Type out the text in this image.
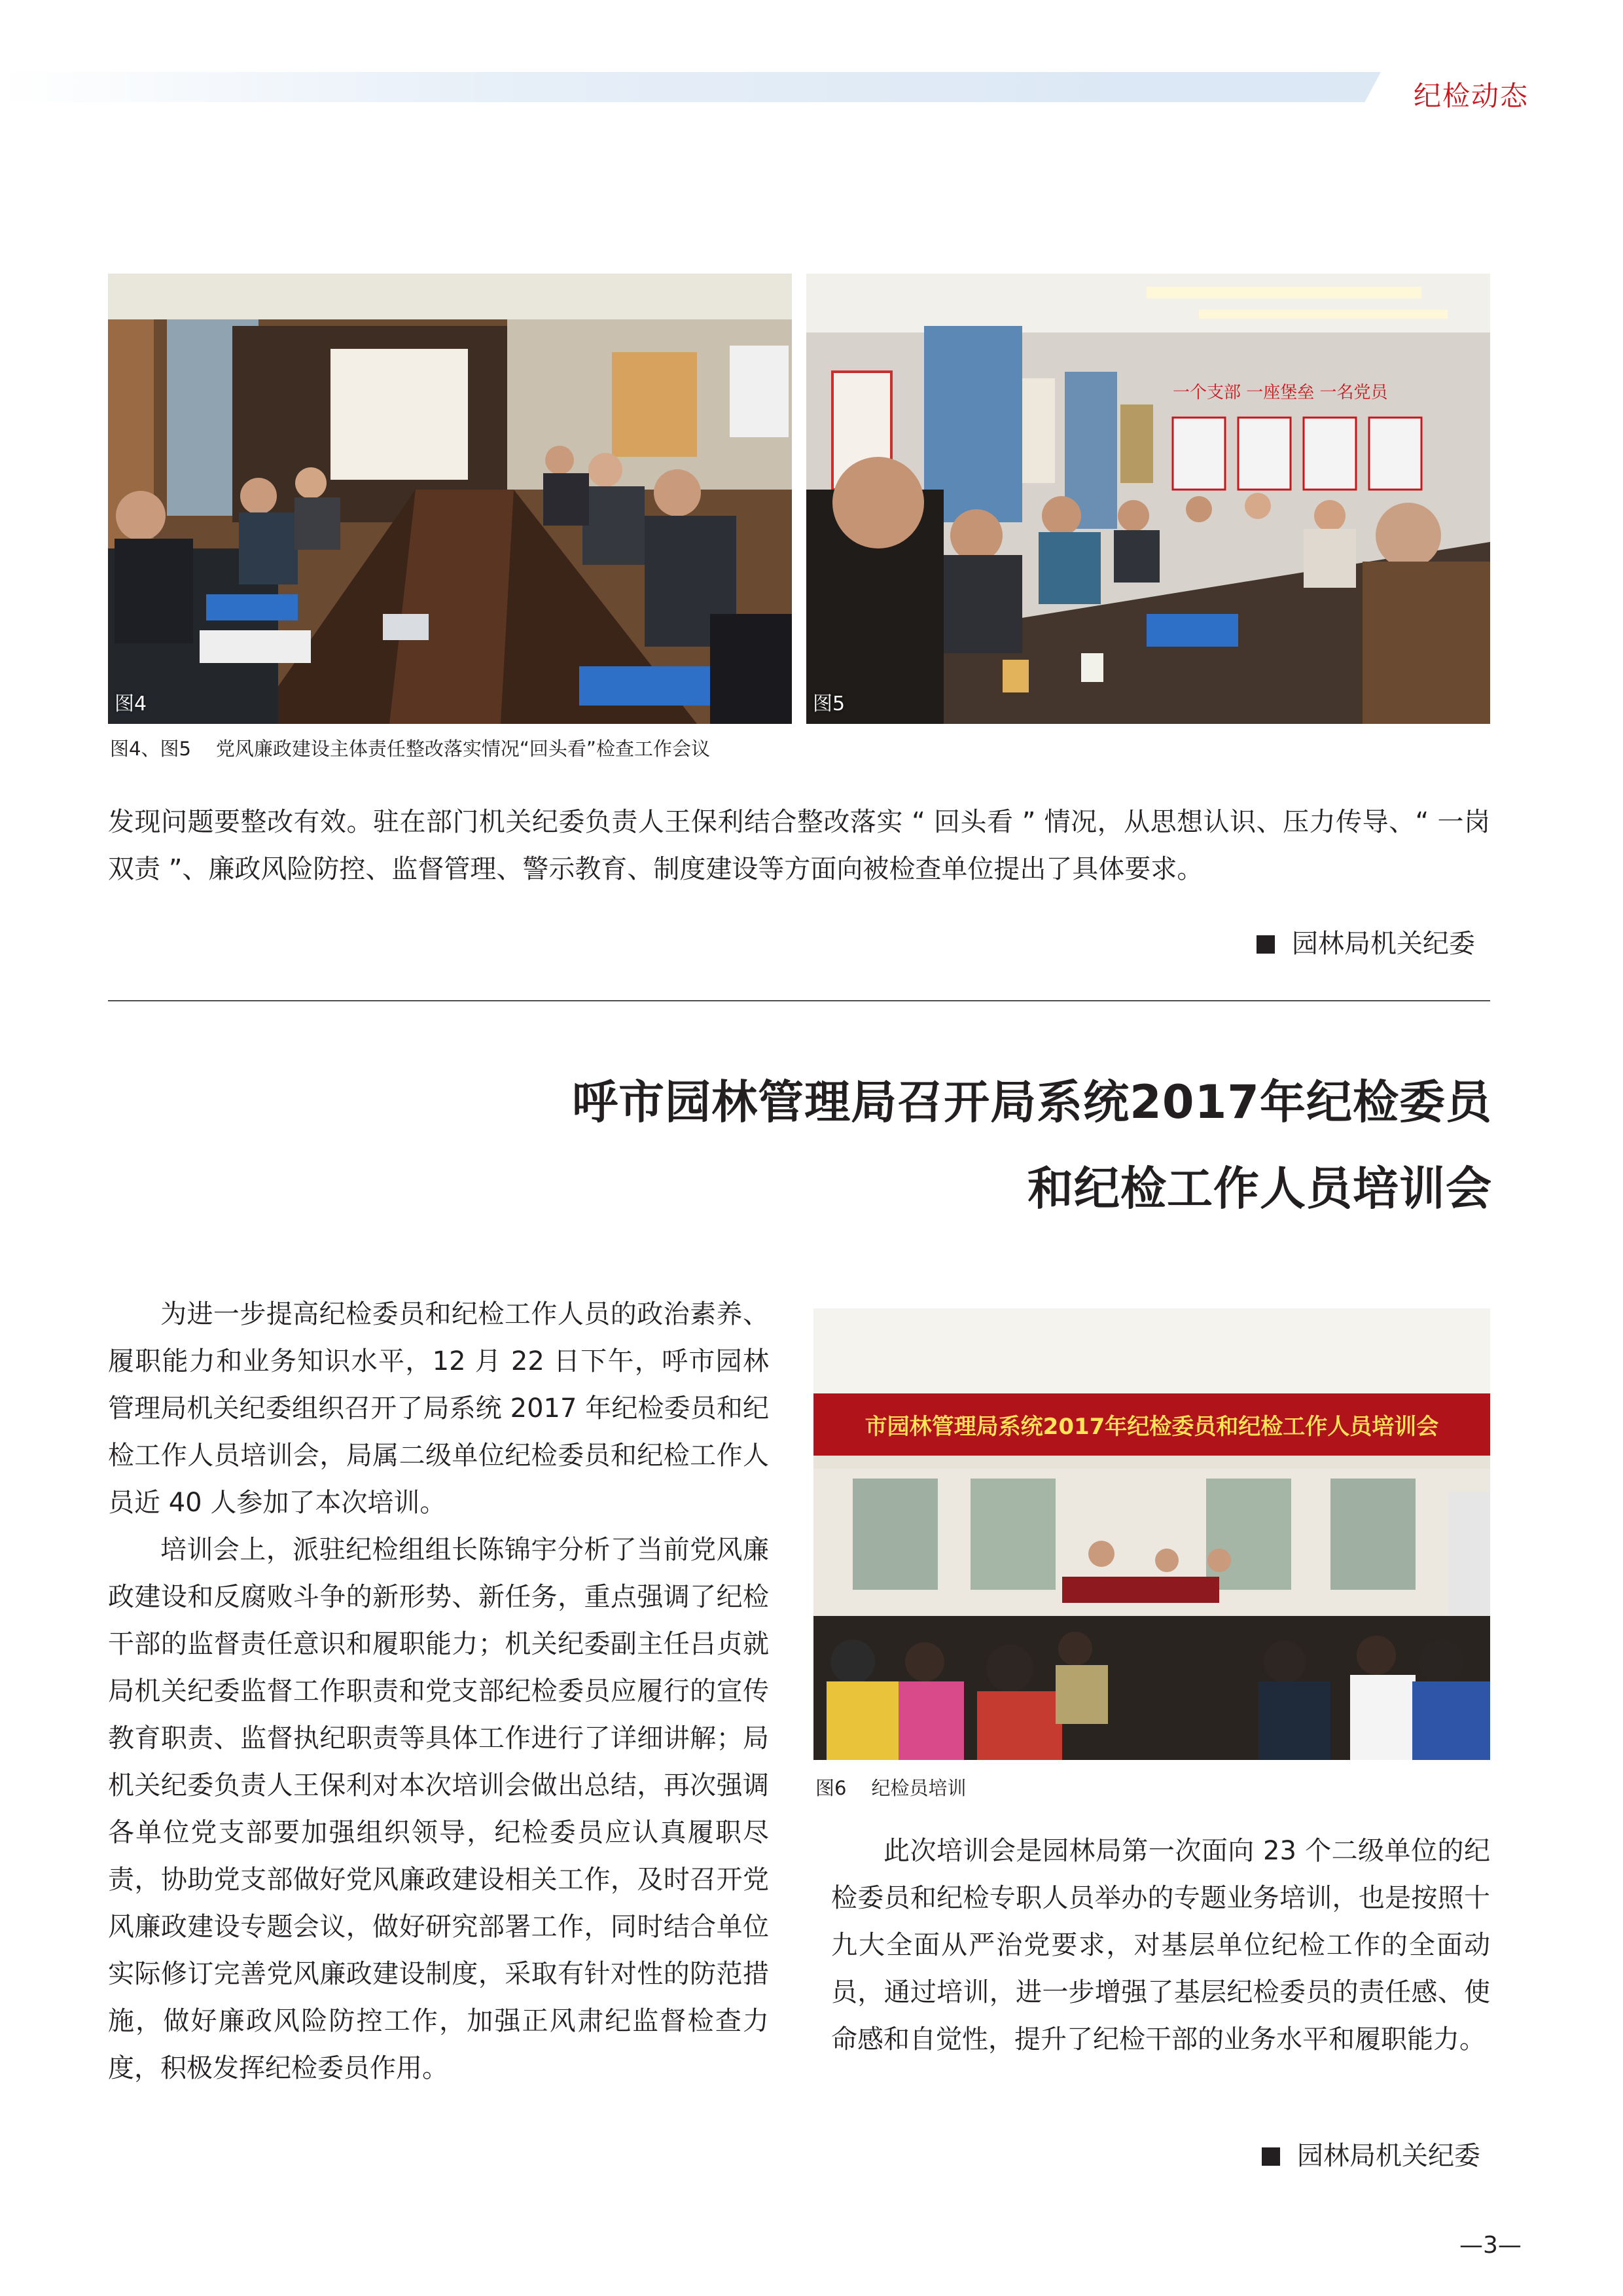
纪检动态
图4
一个支部 一座堡垒 一名党员
图5
图4、图5 党风廉政建设主体责任整改落实情况“回头看”检查工作会议

发现问题要整改有效。驻在部门机关纪委负责人王保利结合整改落实 “ 回头看 ” 情况，从思想认识、压力传导、“ 一岗双责 ”、廉政风险防控、监督管理、警示教育、制度建设等方面向被检查单位提出了具体要求。

园林局机关纪委
呼市园林管理局召开局系统2017年纪检委员
和纪检工作人员培训会

为进一步提高纪检委员和纪检工作人员的政治素养、履职能力和业务知识水平，12 月 22 日下午，呼市园林管理局机关纪委组织召开了局系统 2017 年纪检委员和纪检工作人员培训会，局属二级单位纪检委员和纪检工作人员近 40 人参加了本次培训。

培训会上，派驻纪检组组长陈锦宇分析了当前党风廉政建设和反腐败斗争的新形势、新任务，重点强调了纪检干部的监督责任意识和履职能力；机关纪委副主任吕贞就局机关纪委监督工作职责和党支部纪检委员应履行的宣传教育职责、监督执纪职责等具体工作进行了详细讲解；局机关纪委负责人王保利对本次培训会做出总结，再次强调各单位党支部要加强组织领导，纪检委员应认真履职尽责，协助党支部做好党风廉政建设相关工作，及时召开党风廉政建设专题会议，做好研究部署工作，同时结合单位实际修订完善党风廉政建设制度，采取有针对性的防范措施，做好廉政风险防控工作，加强正风肃纪监督检查力度，积极发挥纪检委员作用。

市园林管理局系统2017年纪检委员和纪检工作人员培训会
图6 纪检员培训

此次培训会是园林局第一次面向 23 个二级单位的纪检委员和纪检专职人员举办的专题业务培训，也是按照十九大全面从严治党要求，对基层单位纪检工作的全面动员，通过培训，进一步增强了基层纪检委员的责任感、使命感和自觉性，提升了纪检干部的业务水平和履职能力。

园林局机关纪委
—3—
